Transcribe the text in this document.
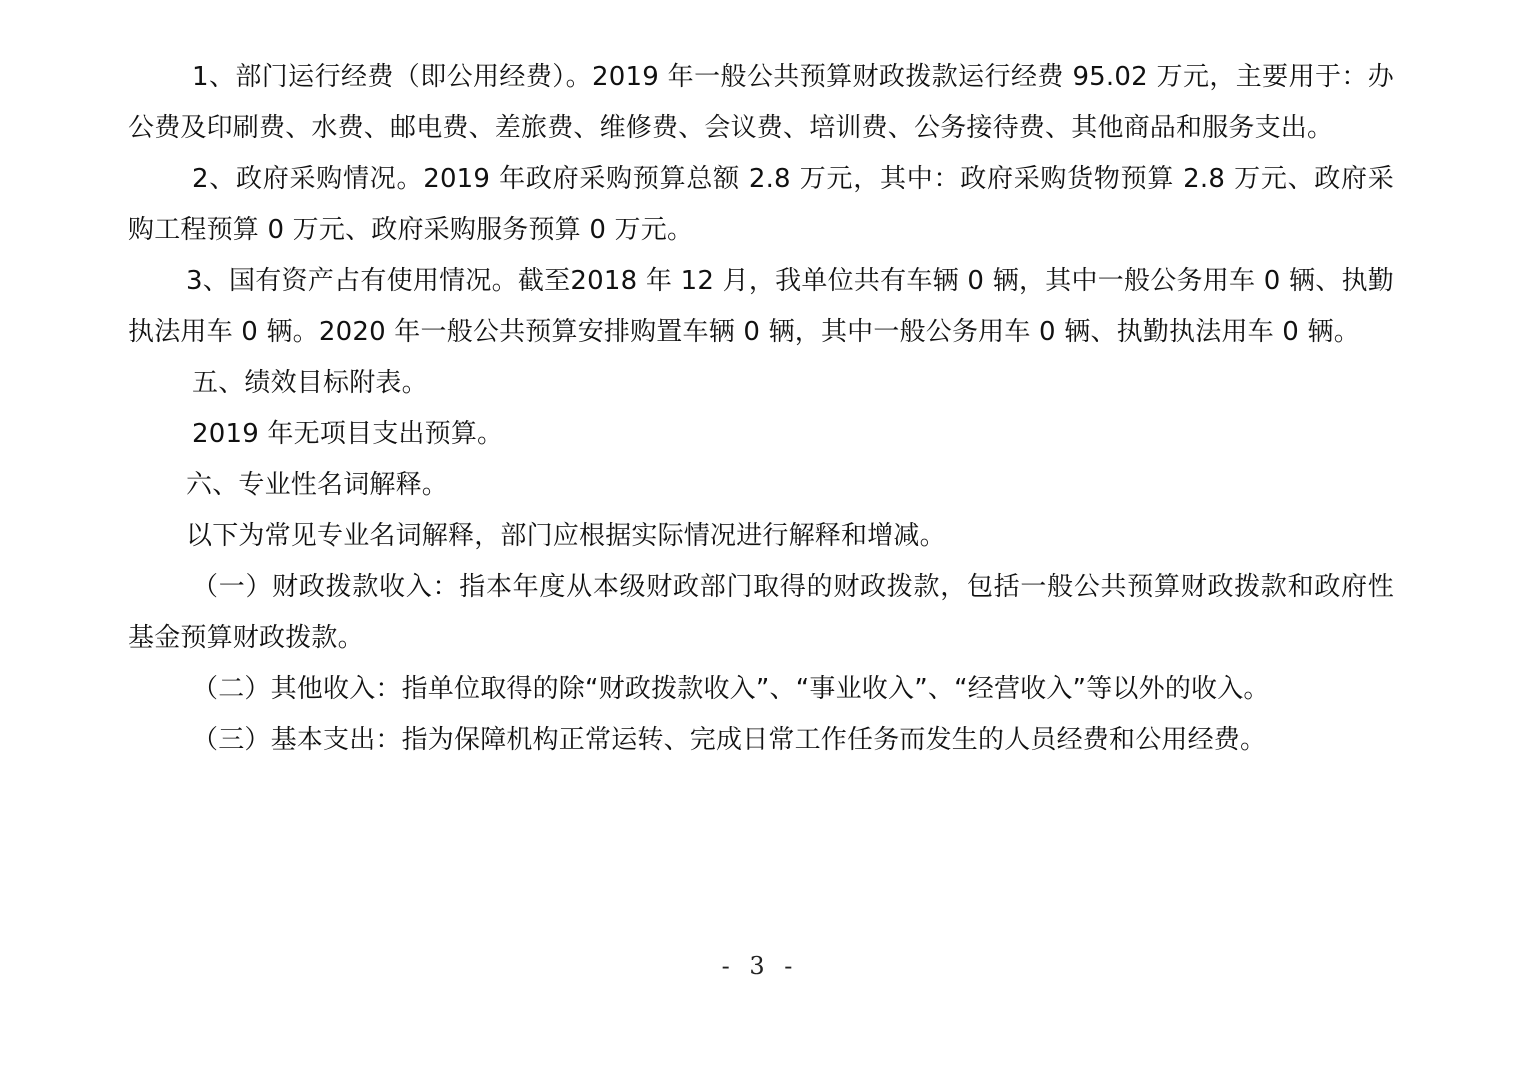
1、部门运行经费（即公用经费）。2019 年一般公共预算财政拨款运行经费 95.02 万元，主要用于：办公费及印刷费、水费、邮电费、差旅费、维修费、会议费、培训费、公务接待费、其他商品和服务支出。

2、政府采购情况。2019 年政府采购预算总额 2.8 万元，其中：政府采购货物预算 2.8 万元、政府采购工程预算 0 万元、政府采购服务预算 0 万元。

3、国有资产占有使用情况。截至2018 年 12 月，我单位共有车辆 0 辆，其中一般公务用车 0 辆、执勤执法用车 0 辆。2020 年一般公共预算安排购置车辆 0 辆，其中一般公务用车 0 辆、执勤执法用车 0 辆。

五、绩效目标附表。

2019 年无项目支出预算。

六、专业性名词解释。

以下为常见专业名词解释，部门应根据实际情况进行解释和增减。

（一）财政拨款收入：指本年度从本级财政部门取得的财政拨款，包括一般公共预算财政拨款和政府性基金预算财政拨款。

（二）其他收入：指单位取得的除“财政拨款收入”、“事业收入”、“经营收入”等以外的收入。

（三）基本支出：指为保障机构正常运转、完成日常工作任务而发生的人员经费和公用经费。

- 3 -
